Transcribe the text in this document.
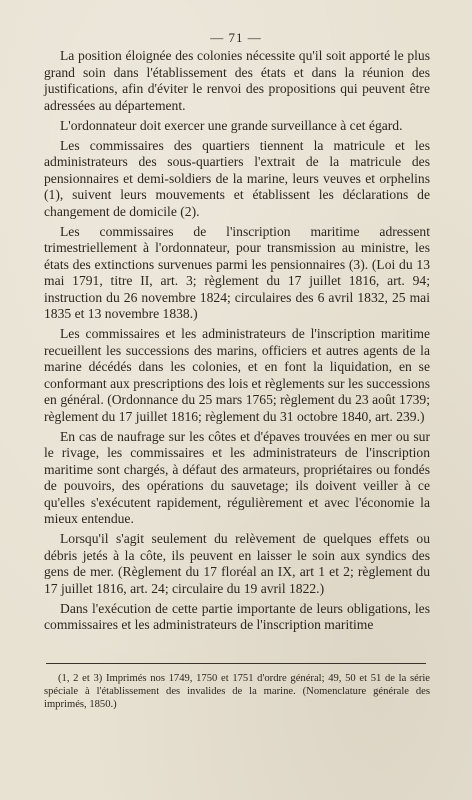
— 71 —

La position éloignée des colonies nécessite qu'il soit apporté le plus grand soin dans l'établissement des états et dans la réunion des justifications, afin d'éviter le renvoi des propositions qui peuvent être adressées au département.

L'ordonnateur doit exercer une grande surveillance à cet égard.

Les commissaires des quartiers tiennent la matricule et les administrateurs des sous-quartiers l'extrait de la matricule des pensionnaires et demi-soldiers de la marine, leurs veuves et orphelins (1), suivent leurs mouvements et établissent les déclarations de changement de domicile (2).

Les commissaires de l'inscription maritime adressent trimestriellement à l'ordonnateur, pour transmission au ministre, les états des extinctions survenues parmi les pensionnaires (3). (Loi du 13 mai 1791, titre II, art. 3; règlement du 17 juillet 1816, art. 94; instruction du 26 novembre 1824; circulaires des 6 avril 1832, 25 mai 1835 et 13 novembre 1838.)

Les commissaires et les administrateurs de l'inscription maritime recueillent les successions des marins, officiers et autres agents de la marine décédés dans les colonies, et en font la liquidation, en se conformant aux prescriptions des lois et règlements sur les successions en général. (Ordonnance du 25 mars 1765; règlement du 23 août 1739; règlement du 17 juillet 1816; règlement du 31 octobre 1840, art. 239.)

En cas de naufrage sur les côtes et d'épaves trouvées en mer ou sur le rivage, les commissaires et les administrateurs de l'inscription maritime sont chargés, à défaut des armateurs, propriétaires ou fondés de pouvoirs, des opérations du sauvetage; ils doivent veiller à ce qu'elles s'exécutent rapidement, régulièrement et avec l'économie la mieux entendue.

Lorsqu'il s'agit seulement du relèvement de quelques effets ou débris jetés à la côte, ils peuvent en laisser le soin aux syndics des gens de mer. (Règlement du 17 floréal an IX, art 1 et 2; règlement du 17 juillet 1816, art. 24; circulaire du 19 avril 1822.)

Dans l'exécution de cette partie importante de leurs obligations, les commissaires et les administrateurs de l'inscription maritime

(1, 2 et 3) Imprimés nos 1749, 1750 et 1751 d'ordre général; 49, 50 et 51 de la série spéciale à l'établissement des invalides de la marine. (Nomenclature générale des imprimés, 1850.)
